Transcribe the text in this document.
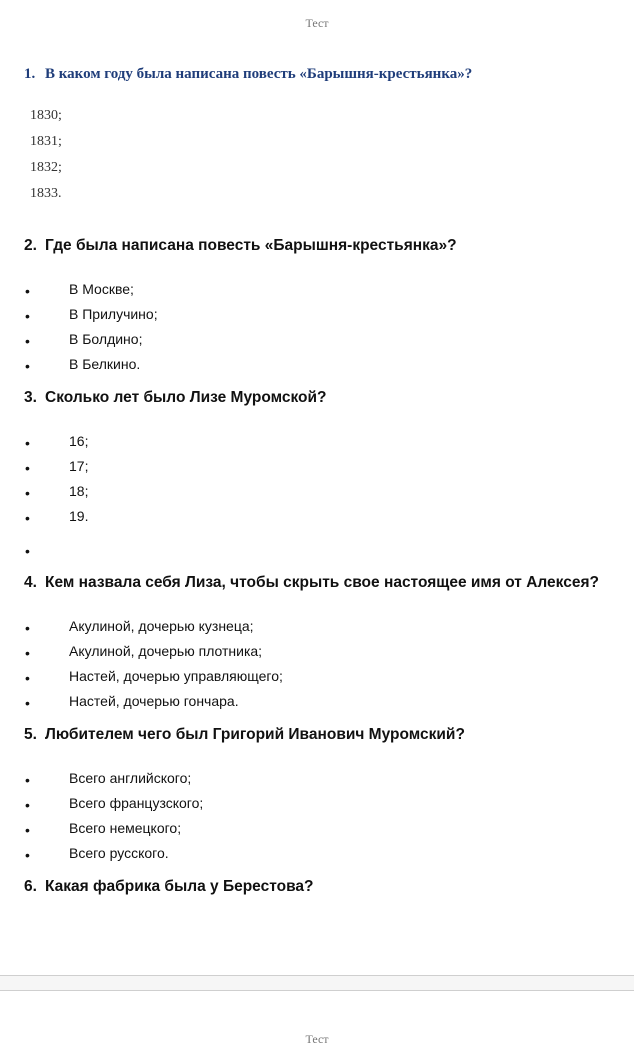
Тест
1. В каком году была написана повесть «Барышня-крестьянка»?
1830;
1831;
1832;
1833.
2. Где была написана повесть «Барышня-крестьянка»?
•
В Москве;
•
В Прилучино;
•
В Болдино;
•
В Белкино.
3. Сколько лет было Лизе Муромской?
•
16;
•
17;
•
18;
•
19.
•
4. Кем назвала себя Лиза, чтобы скрыть свое настоящее имя от Алексея?
•
Акулиной, дочерью кузнеца;
•
Акулиной, дочерью плотника;
•
Настей, дочерью управляющего;
•
Настей, дочерью гончара.
5. Любителем чего был Григорий Иванович Муромский?
•
Всего английского;
•
Всего французского;
•
Всего немецкого;
•
Всего русского.
6. Какая фабрика была у Берестова?
Тест
